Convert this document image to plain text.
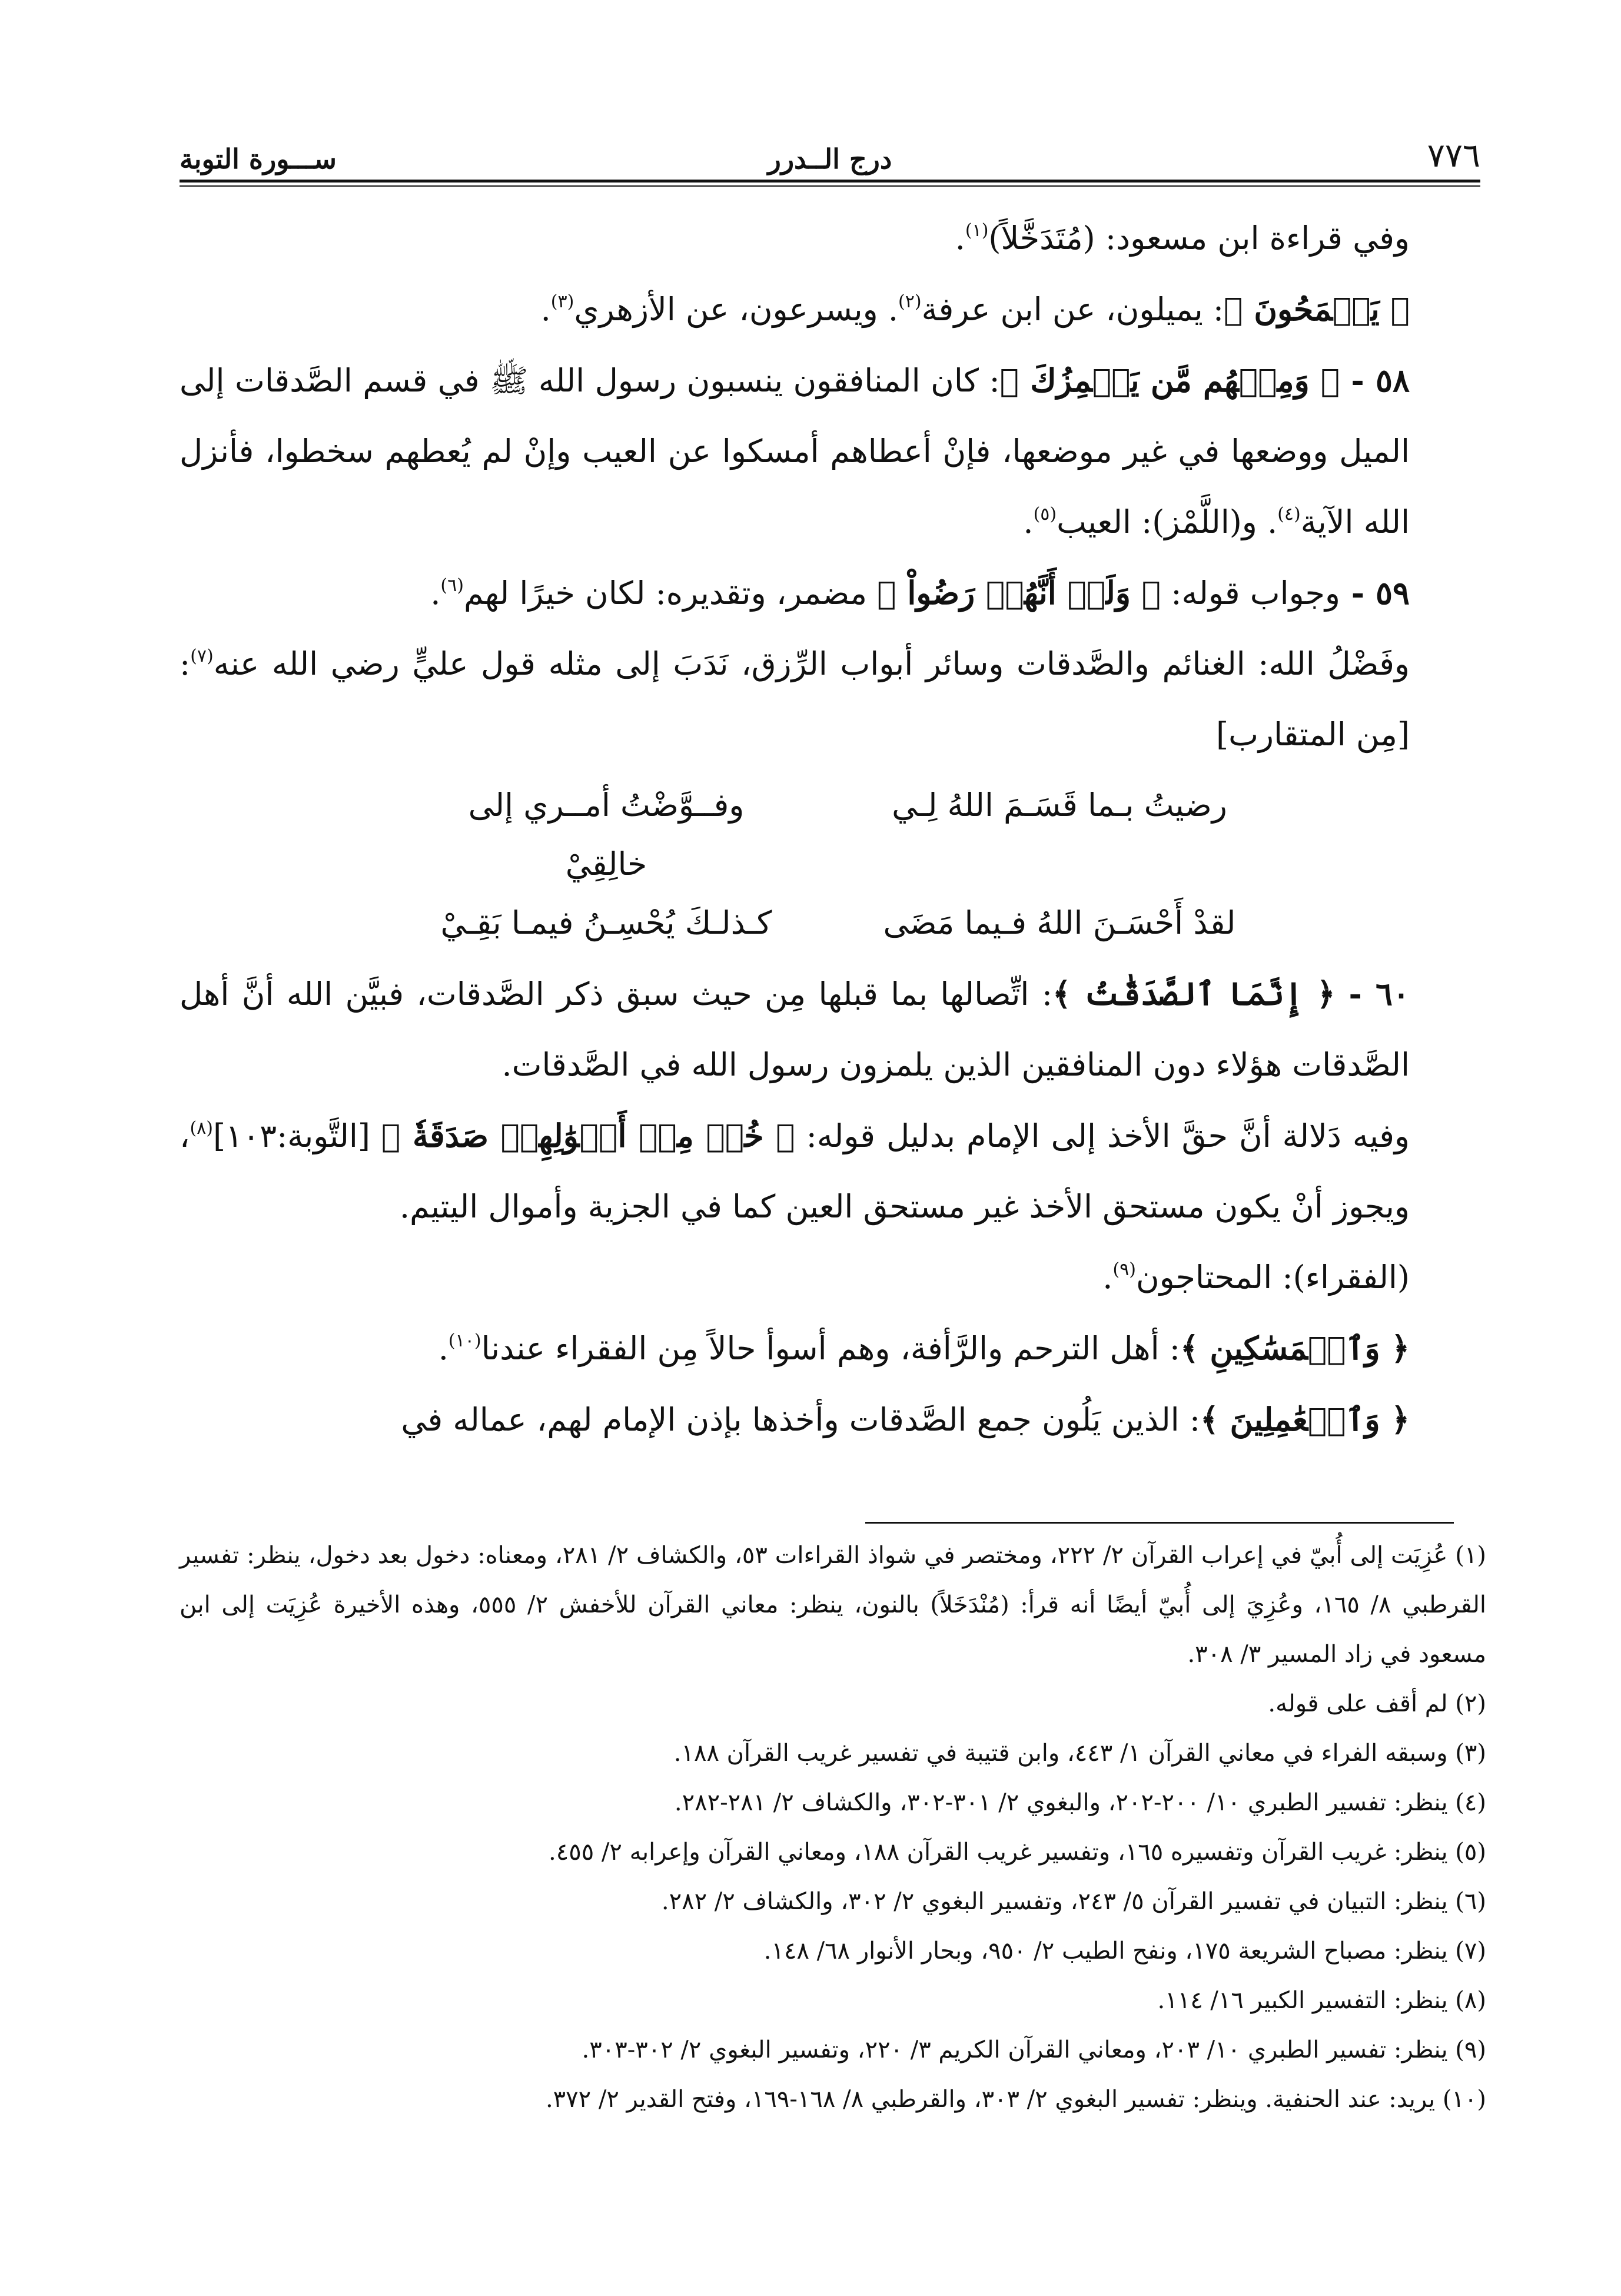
٧٧٦
درج الــدرر
ســـورة التوبة

وفي قراءة ابن مسعود: (مُتَدَخَّلاً)$^{(١)}$.

﴿ يَجۡمَحُونَ ﴾: يميلون، عن ابن عرفة$^{(٢)}$. ويسرعون، عن الأزهري$^{(٣)}$.

٥٨ - ﴿ وَمِنۡهُم مَّن يَلۡمِزُكَ ﴾: كان المنافقون ينسبون رسول الله ﷺ في قسم الصَّدقات إلى الميل ووضعها في غير موضعها، فإنْ أعطاهم أمسكوا عن العيب وإنْ لم يُعطهم سخطوا، فأنزل الله الآية$^{(٤)}$. و(اللَّمْز): العيب$^{(٥)}$.

٥٩ - وجواب قوله: ﴿ وَلَوۡ أَنَّهُمۡ رَضُواْ ﴾ مضمر، وتقديره: لكان خيرًا لهم$^{(٦)}$.

وفَضْلُ الله: الغنائم والصَّدقات وسائر أبواب الرِّزق، نَدَبَ إلى مثله قول عليٍّ رضي الله عنه$^{(٧)}$: [مِن المتقارب]

رضيتُ بـما قَسَـمَ اللهُ لِـي
وفــوَّضْتُ أمــري إلى خالِقِيْ
لقدْ أَحْسَـنَ اللهُ فـيما مَضَى
كـذلـكَ يُحْسِـنُ فيمـا بَقِـيْ

٦٠ - ﴿ إِنَّمَا ٱلصَّدَقَٰتُ ﴾: اتِّصالها بما قبلها مِن حيث سبق ذكر الصَّدقات، فبيَّن الله أنَّ أهل الصَّدقات هؤلاء دون المنافقين الذين يلمزون رسول الله في الصَّدقات.

وفيه دَلالة أنَّ حقَّ الأخذ إلى الإمام بدليل قوله: ﴿ خُذۡ مِنۡ أَمۡوَٰلِهِمۡ صَدَقَةٗ ﴾ [التَّوبة:١٠٣]$^{(٨)}$، ويجوز أنْ يكون مستحق الأخذ غير مستحق العين كما في الجزية وأموال اليتيم.

(الفقراء): المحتاجون$^{(٩)}$.

﴿ وَٱلۡمَسَٰكِينِ ﴾: أهل الترحم والرَّأفة، وهم أسوأ حالاً مِن الفقراء عندنا$^{(١٠)}$.

﴿ وَٱلۡعَٰمِلِينَ ﴾: الذين يَلُون جمع الصَّدقات وأخذها بإذن الإمام لهم، عماله في

(١) عُزِيَت إلى أُبيّ في إعراب القرآن ٢/ ٢٢٢، ومختصر في شواذ القراءات ٥٣، والكشاف ٢/ ٢٨١، ومعناه: دخول بعد دخول، ينظر: تفسير القرطبي ٨/ ١٦٥، وعُزِيَ إلى أُبيّ أيضًا أنه قرأ: (مُنْدَخَلاً) بالنون، ينظر: معاني القرآن للأخفش ٢/ ٥٥٥، وهذه الأخيرة عُزِيَت إلى ابن مسعود في زاد المسير ٣/ ٣٠٨.

(٢) لم أقف على قوله.

(٣) وسبقه الفراء في معاني القرآن ١/ ٤٤٣، وابن قتيبة في تفسير غريب القرآن ١٨٨.

(٤) ينظر: تفسير الطبري ١٠/ ٢٠٠-٢٠٢، والبغوي ٢/ ٣٠١-٣٠٢، والكشاف ٢/ ٢٨١-٢٨٢.

(٥) ينظر: غريب القرآن وتفسيره ١٦٥، وتفسير غريب القرآن ١٨٨، ومعاني القرآن وإعرابه ٢/ ٤٥٥.

(٦) ينظر: التبيان في تفسير القرآن ٥/ ٢٤٣، وتفسير البغوي ٢/ ٣٠٢، والكشاف ٢/ ٢٨٢.

(٧) ينظر: مصباح الشريعة ١٧٥، ونفح الطيب ٢/ ٩٥٠، وبحار الأنوار ٦٨/ ١٤٨.

(٨) ينظر: التفسير الكبير ١٦/ ١١٤.

(٩) ينظر: تفسير الطبري ١٠/ ٢٠٣، ومعاني القرآن الكريم ٣/ ٢٢٠، وتفسير البغوي ٢/ ٣٠٢-٣٠٣.

(١٠) يريد: عند الحنفية. وينظر: تفسير البغوي ٢/ ٣٠٣، والقرطبي ٨/ ١٦٨-١٦٩، وفتح القدير ٢/ ٣٧٢.
